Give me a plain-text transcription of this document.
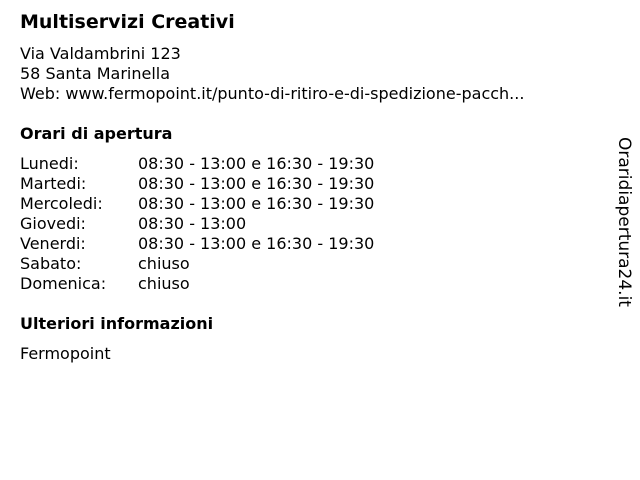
Multiservizi Creativi
Via Valdambrini 123
58 Santa Marinella
Web: www.fermopoint.it/punto-di-ritiro-e-di-spedizione-pacch...
Orari di apertura
Lunedi:	08:30 - 13:00 e 16:30 - 19:30
Martedi:	08:30 - 13:00 e 16:30 - 19:30
Mercoledi:	08:30 - 13:00 e 16:30 - 19:30
Giovedi:	08:30 - 13:00
Venerdi:	08:30 - 13:00 e 16:30 - 19:30
Sabato:	chiuso
Domenica:	chiuso
Ulteriori informazioni
Fermopoint
Oraridiapertura24.it
